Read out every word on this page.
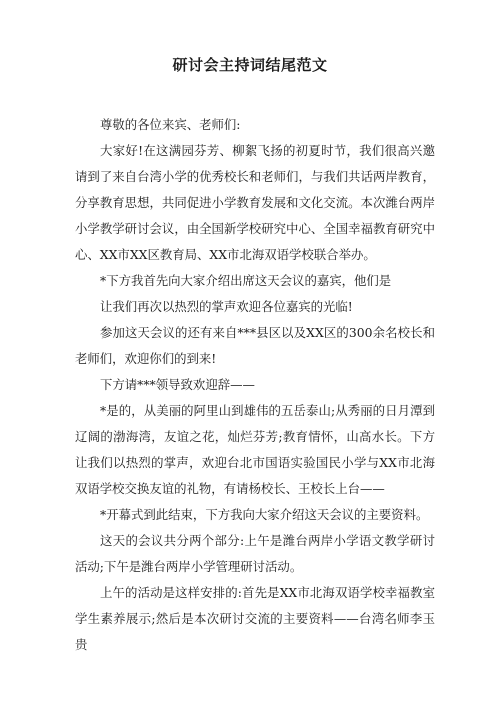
研讨会主持词结尾范文

尊敬的各位来宾、老师们:

大家好!在这满园芬芳、柳絮飞扬的初夏时节，我们很高兴邀请到了来自台湾小学的优秀校长和老师们，与我们共话两岸教育，分享教育思想，共同促进小学教育发展和文化交流。本次潍台两岸小学教学研讨会议，由全国新学校研究中心、全国幸福教育研究中心、XX市XX区教育局、XX市北海双语学校联合举办。

*下方我首先向大家介绍出席这天会议的嘉宾，他们是

让我们再次以热烈的掌声欢迎各位嘉宾的光临!

参加这天会议的还有来自***县区以及XX区的300余名校长和老师们，欢迎你们的到来!

下方请***领导致欢迎辞——

*是的，从美丽的阿里山到雄伟的五岳泰山;从秀丽的日月潭到辽阔的渤海湾，友谊之花，灿烂芬芳;教育情怀，山高水长。下方让我们以热烈的掌声，欢迎台北市国语实验国民小学与XX市北海双语学校交换友谊的礼物，有请杨校长、王校长上台——

*开幕式到此结束，下方我向大家介绍这天会议的主要资料。

这天的会议共分两个部分:上午是潍台两岸小学语文教学研讨活动;下午是潍台两岸小学管理研讨活动。

上午的活动是这样安排的:首先是XX市北海双语学校幸福教室学生素养展示;然后是本次研讨交流的主要资料——台湾名师李玉贵
